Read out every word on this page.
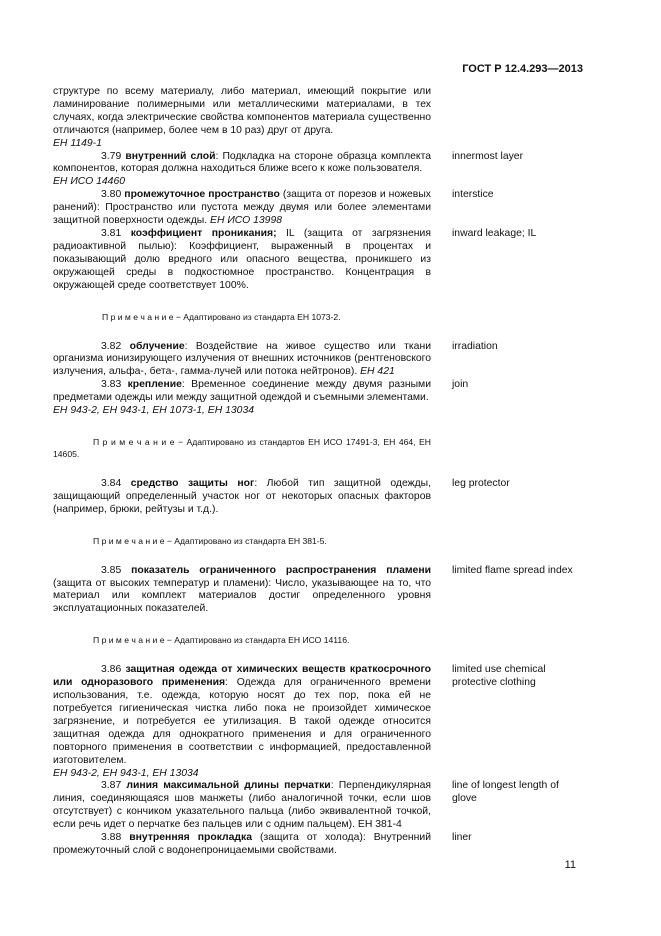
ГОСТ Р 12.4.293—2013

структуре по всему материалу, либо материал, имеющий покрытие или ламинирование полимерными или металлическими материалами, в тех случаях, когда электрические свойства компонентов материала существенно отличаются (например, более чем в 10 раз) друг от друга.

ЕН 1149-1

3.79 внутренний слой: Подкладка на стороне образца комплекта компонентов, которая должна находиться ближе всего к коже пользователя.

ЕН ИСО 14460

3.80 промежуточное пространство (защита от порезов и ножевых ранений): Пространство или пустота между двумя или более элементами защитной поверхности одежды. ЕН ИСО 13998

3.81 коэффициент проникания; IL (защита от загрязнения радиоактивной пылью): Коэффициент, выраженный в процентах и показывающий долю вредного или опасного вещества, проникшего из окружающей среды в подкостюмное пространство. Концентрация в окружающей среде соответствует 100%.

П р и м е ч а н и е − Адаптировано из стандарта ЕН 1073-2.

3.82 облучение: Воздействие на живое существо или ткани организма ионизирующего излучения от внешних источников (рентгеновского излучения, альфа-, бета-, гамма-лучей или потока нейтронов). ЕН 421

3.83 крепление: Временное соединение между двумя разными предметами одежды или между защитной одеждой и съемными элементами.

ЕН 943-2, ЕН 943-1, ЕН 1073-1, ЕН 13034

П р и м е ч а н и е − Адаптировано из стандартов ЕН ИСО 17491-3, ЕН 464, ЕН 14605.

3.84 средство защиты ног: Любой тип защитной одежды, защищающий определенный участок ног от некоторых опасных факторов (например, брюки, рейтузы и т.д.).

П р и м е ч а н и е − Адаптировано из стандарта ЕН 381-5.

3.85 показатель ограниченного распространения пламени (защита от высоких температур и пламени): Число, указывающее на то, что материал или комплект материалов достиг определенного уровня эксплуатационных показателей.

П р и м е ч а н и е − Адаптировано из стандарта ЕН ИСО 14116.

3.86 защитная одежда от химических веществ краткосрочного или одноразового применения: Одежда для ограниченного времени использования, т.е. одежда, которую носят до тех пор, пока ей не потребуется гигиеническая чистка либо пока не произойдет химическое загрязнение, и потребуется ее утилизация. В такой одежде относится защитная одежда для однократного применения и для ограниченного повторного применения в соответствии с информацией, предоставленной изготовителем.

ЕН 943-2, ЕН 943-1, ЕН 13034

3.87 линия максимальной длины перчатки: Перпендикулярная линия, соединяющаяся шов манжеты (либо аналогичной точки, если шов отсутствует) с кончиком указательного пальца (либо эквивалентной точкой, если речь идет о перчатке без пальцев или с одним пальцем). ЕН 381-4

3.88 внутренняя прокладка (защита от холода): Внутренний промежуточный слой с водонепроницаемыми свойствами.

innermost layer
interstice
inward leakage; IL
irradiation
join
leg protector
limited flame spread index
limited use chemical protective clothing
line of longest length of glove
liner
11
